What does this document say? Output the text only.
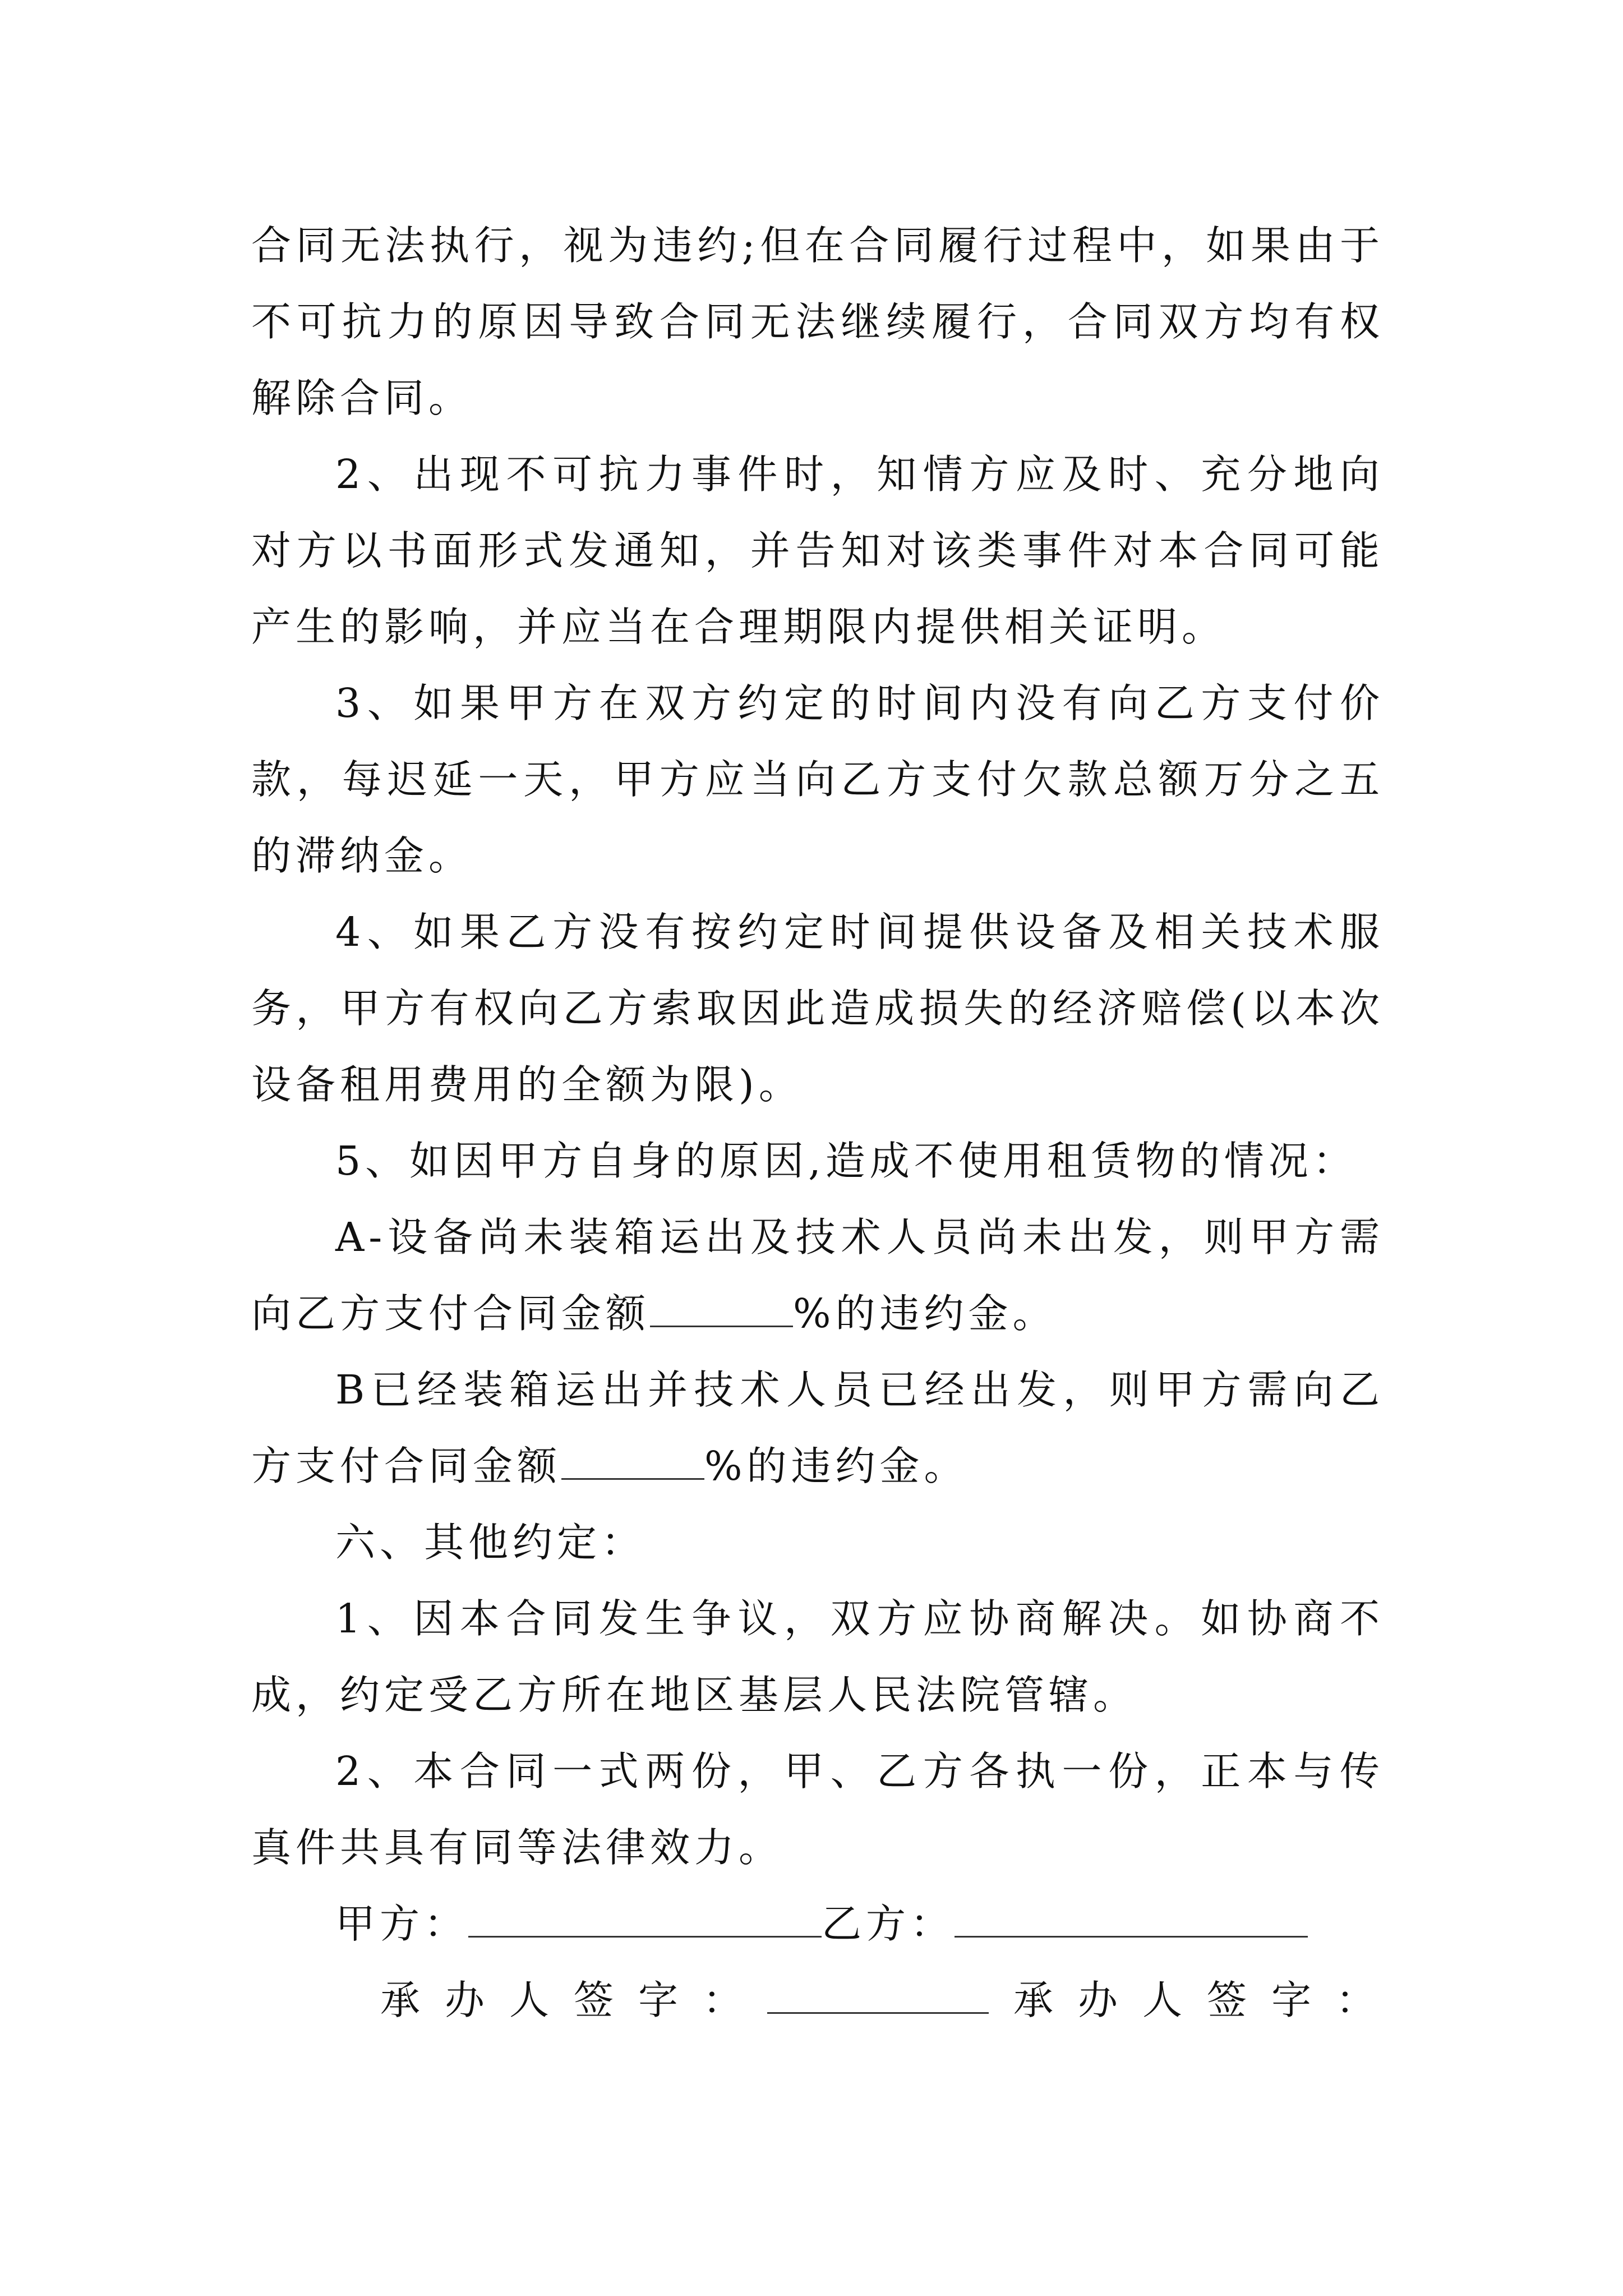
合同无法执行，视为违约;但在合同履行过程中，如果由于不可抗力的原因导致合同无法继续履行，合同双方均有权解除合同。

2、出现不可抗力事件时，知情方应及时、充分地向对方以书面形式发通知，并告知对该类事件对本合同可能产生的影响，并应当在合理期限内提供相关证明。

3、如果甲方在双方约定的时间内没有向乙方支付价款，每迟延一天，甲方应当向乙方支付欠款总额万分之五的滞纳金。

4、如果乙方没有按约定时间提供设备及相关技术服务，甲方有权向乙方索取因此造成损失的经济赔偿(以本次设备租用费用的全额为限)。

5、如因甲方自身的原因,造成不使用租赁物的情况：

A-设备尚未装箱运出及技术人员尚未出发，则甲方需向乙方支付合同金额	%的违约金。

B已经装箱运出并技术人员已经出发，则甲方需向乙方支付合同金额	%的违约金。

六、其他约定：

1、因本合同发生争议，双方应协商解决。如协商不成，约定受乙方所在地区基层人民法院管辖。

2、本合同一式两份，甲、乙方各执一份，正本与传真件共具有同等法律效力。

甲方：	乙方：

承办人签字：	承办人签字：
